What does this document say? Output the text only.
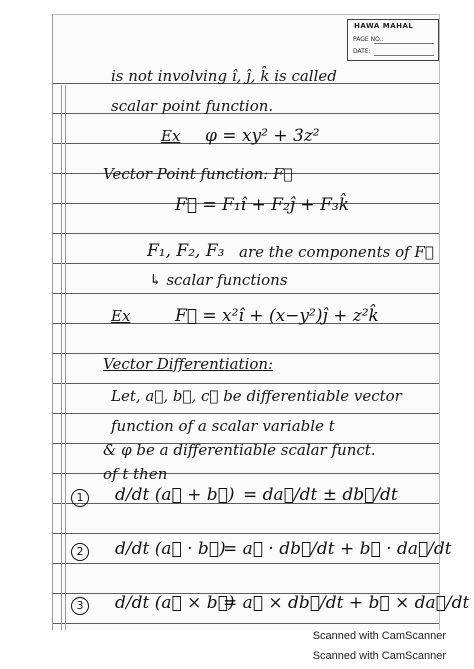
HAWA MAHAL
PAGE NO.:
DATE:
is not involving î, ĵ, k̂ is called
scalar point function.
Ex φ = xy² + 3z²
Vector Point function: F⃗
F⃗ = F₁î + F₂ĵ + F₃k̂
F₁, F₂, F₃ are the components of F⃗
↳ scalar functions
Ex	F⃗ = x²î + (x−y²)ĵ + z²k̂
Vector Differentiation:
Let, a⃗, b⃗, c⃗ be differentiable vector
function of a scalar variable t
& φ be a differentiable scalar funct.
of t then
1	d/dt (a⃗ + b⃗) = da⃗/dt ± db⃗/dt
2	d/dt (a⃗ · b⃗)
= a⃗ · db⃗/dt + b⃗ · da⃗/dt
3	d/dt (a⃗ × b⃗)
= a⃗ × db⃗/dt + b⃗ × da⃗/dt
Scanned with CamScanner
Scanned with CamScanner
